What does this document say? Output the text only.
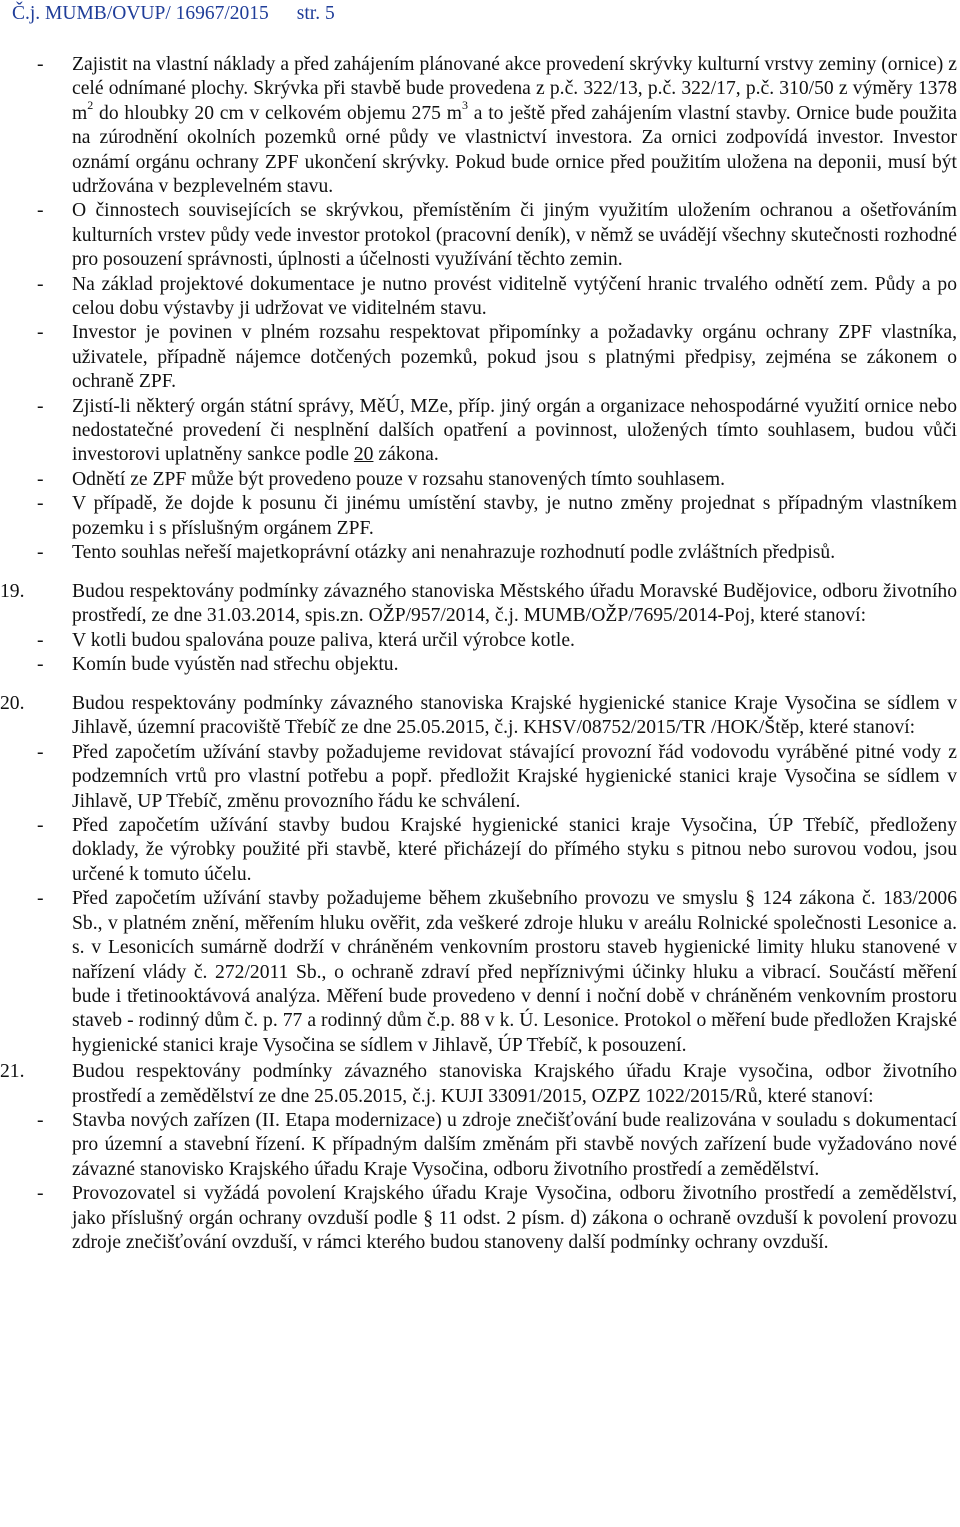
Č.j. MUMB/OVUP/ 16967/2015 str. 5

- Zajistit na vlastní náklady a před zahájením plánované akce provedení skrývky kulturní vrstvy zeminy (ornice) z celé odnímané plochy. Skrývka při stavbě bude provedena z p.č. 322/13, p.č. 322/17, p.č. 310/50 z výměry 1378 $m^2$ do hloubky 20 cm v celkovém objemu 275 $m^3$ a to ještě před zahájením vlastní stavby. Ornice bude použita na zúrodnění okolních pozemků orné půdy ve vlastnictví investora. Za ornici zodpovídá investor. Investor oznámí orgánu ochrany ZPF ukončení skrývky. Pokud bude ornice před použitím uložena na deponii, musí být udržována v bezplevelném stavu.

- O činnostech souvisejících se skrývkou, přemístěním či jiným využitím uložením ochranou a ošetřováním kulturních vrstev půdy vede investor protokol (pracovní deník), v němž se uvádějí všechny skutečnosti rozhodné pro posouzení správnosti, úplnosti a účelnosti využívání těchto zemin.

- Na základ projektové dokumentace je nutno provést viditelně vytýčení hranic trvalého odnětí zem. Půdy a po celou dobu výstavby ji udržovat ve viditelném stavu.

- Investor je povinen v plném rozsahu respektovat připomínky a požadavky orgánu ochrany ZPF vlastníka, uživatele, případně nájemce dotčených pozemků, pokud jsou s platnými předpisy, zejména se zákonem o ochraně ZPF.

- Zjistí-li některý orgán státní správy, MěÚ, MZe, příp. jiný orgán a organizace nehospodárné využití ornice nebo nedostatečné provedení či nesplnění dalších opatření a povinnost, uložených tímto souhlasem, budou vůči investorovi uplatněny sankce podle 20 zákona.

- Odnětí ze ZPF může být provedeno pouze v rozsahu stanovených tímto souhlasem.

- V případě, že dojde k posunu či jinému umístění stavby, je nutno změny projednat s případným vlastníkem pozemku i s příslušným orgánem ZPF.

- Tento souhlas neřeší majetkoprávní otázky ani nenahrazuje rozhodnutí podle zvláštních předpisů.

19. Budou respektovány podmínky závazného stanoviska Městského úřadu Moravské Budějovice, odboru životního prostředí, ze dne 31.03.2014, spis.zn. OŽP/957/2014, č.j. MUMB/OŽP/7695/2014-Poj, které stanoví:

- V kotli budou spalována pouze paliva, která určil výrobce kotle.

- Komín bude vyústěn nad střechu objektu.

20. Budou respektovány podmínky závazného stanoviska Krajské hygienické stanice Kraje Vysočina se sídlem v Jihlavě, územní pracoviště Třebíč ze dne 25.05.2015, č.j. KHSV/08752/2015/TR /HOK/Štěp, které stanoví:

- Před započetím užívání stavby požadujeme revidovat stávající provozní řád vodovodu vyráběné pitné vody z podzemních vrtů pro vlastní potřebu a popř. předložit Krajské hygienické stanici kraje Vysočina se sídlem v Jihlavě, UP Třebíč, změnu provozního řádu ke schválení.

- Před započetím užívání stavby budou Krajské hygienické stanici kraje Vysočina, ÚP Třebíč, předloženy doklady, že výrobky použité při stavbě, které přicházejí do přímého styku s pitnou nebo surovou vodou, jsou určené k tomuto účelu.

- Před započetím užívání stavby požadujeme během zkušebního provozu ve smyslu § 124 zákona č. 183/2006 Sb., v platném znění, měřením hluku ověřit, zda veškeré zdroje hluku v areálu Rolnické společnosti Lesonice a. s. v Lesonicích sumárně dodrží v chráněném venkovním prostoru staveb hygienické limity hluku stanovené v nařízení vlády č. 272/2011 Sb., o ochraně zdraví před nepříznivými účinky hluku a vibrací. Součástí měření bude i třetinooktávová analýza. Měření bude provedeno v denní i noční době v chráněném venkovním prostoru staveb - rodinný dům č. p. 77 a rodinný dům č.p. 88 v k. Ú. Lesonice. Protokol o měření bude předložen Krajské hygienické stanici kraje Vysočina se sídlem v Jihlavě, ÚP Třebíč, k posouzení.

21. Budou respektovány podmínky závazného stanoviska Krajského úřadu Kraje vysočina, odbor životního prostředí a zemědělství ze dne 25.05.2015, č.j. KUJI 33091/2015, OZPZ 1022/2015/Rů, které stanoví:

- Stavba nových zařízen (II. Etapa modernizace) u zdroje znečišťování bude realizována v souladu s dokumentací pro územní a stavební řízení. K případným dalším změnám při stavbě nových zařízení bude vyžadováno nové závazné stanovisko Krajského úřadu Kraje Vysočina, odboru životního prostředí a zemědělství.

- Provozovatel si vyžádá povolení Krajského úřadu Kraje Vysočina, odboru životního prostředí a zemědělství, jako příslušný orgán ochrany ovzduší podle § 11 odst. 2 písm. d) zákona o ochraně ovzduší k povolení provozu zdroje znečišťování ovzduší, v rámci kterého budou stanoveny další podmínky ochrany ovzduší.
